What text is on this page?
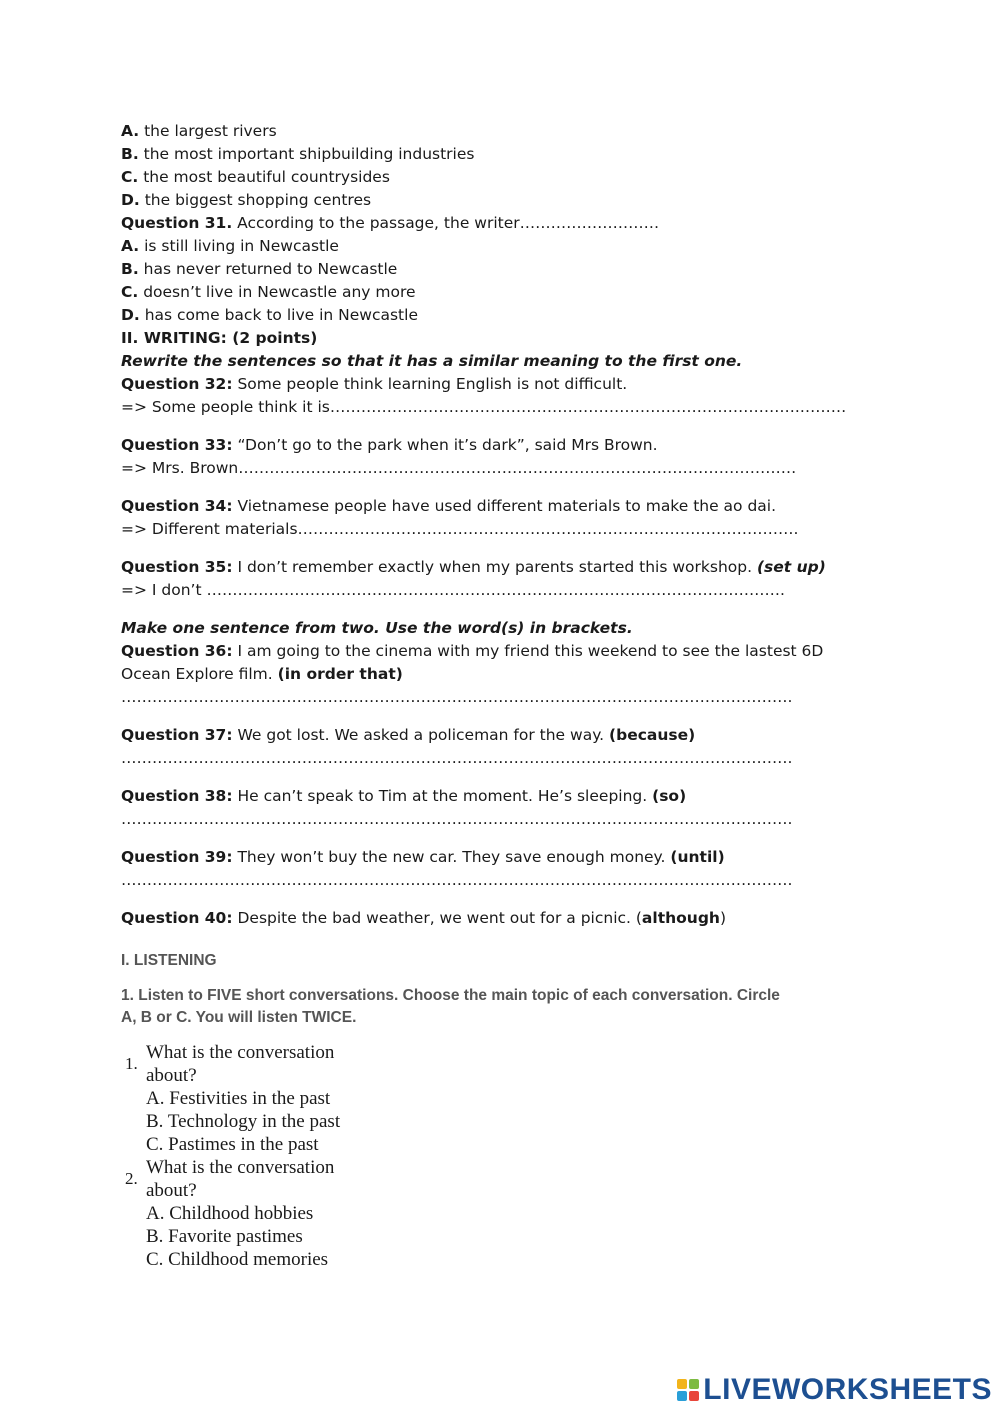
A. the largest rivers
B. the most important shipbuilding industries
C. the most beautiful countrysides
D. the biggest shopping centres
Question 31. According to the passage, the writer………………………
A. is still living in Newcastle
B. has never returned to Newcastle
C. doesn’t live in Newcastle any more
D. has come back to live in Newcastle
II. WRITING: (2 points)
Rewrite the sentences so that it has a similar meaning to the first one.
Question 32: Some people think learning English is not difficult.
=> Some people think it is……………………………………………………………………………….………
Question 33: “Don’t go to the park when it’s dark”, said Mrs Brown.
=> Mrs. Brown………………………………………………………………………………………………
Question 34: Vietnamese people have used different materials to make the ao dai.
=> Different materials…………………………………………………………………………………….
Question 35: I don’t remember exactly when my parents started this workshop. (set up)
=> I don’t ………………………………………………………………………………………………….
Make one sentence from two. Use the word(s) in brackets.
Question 36: I am going to the cinema with my friend this weekend to see the lastest 6D
Ocean Explore film. (in order that)
………………………………………………………………………………………………………………….
Question 37: We got lost. We asked a policeman for the way. (because)
………………………………………………………………………………………………………………….
Question 38: He can’t speak to Tim at the moment. He’s sleeping. (so)
………………………………………………………………………………………………………………….
Question 39: They won’t buy the new car. They save enough money. (until)
………………………………………………………………………………………………………………….
Question 40: Despite the bad weather, we went out for a picnic. (although)
I. LISTENING
1. Listen to FIVE short conversations. Choose the main topic of each conversation. Circle
A, B or C. You will listen TWICE.
1.
What is the conversation
about?
A. Festivities in the past
B. Technology in the past
C. Pastimes in the past
2.
What is the conversation
about?
A. Childhood hobbies
B. Favorite pastimes
C. Childhood memories
LIVEWORKSHEETS
